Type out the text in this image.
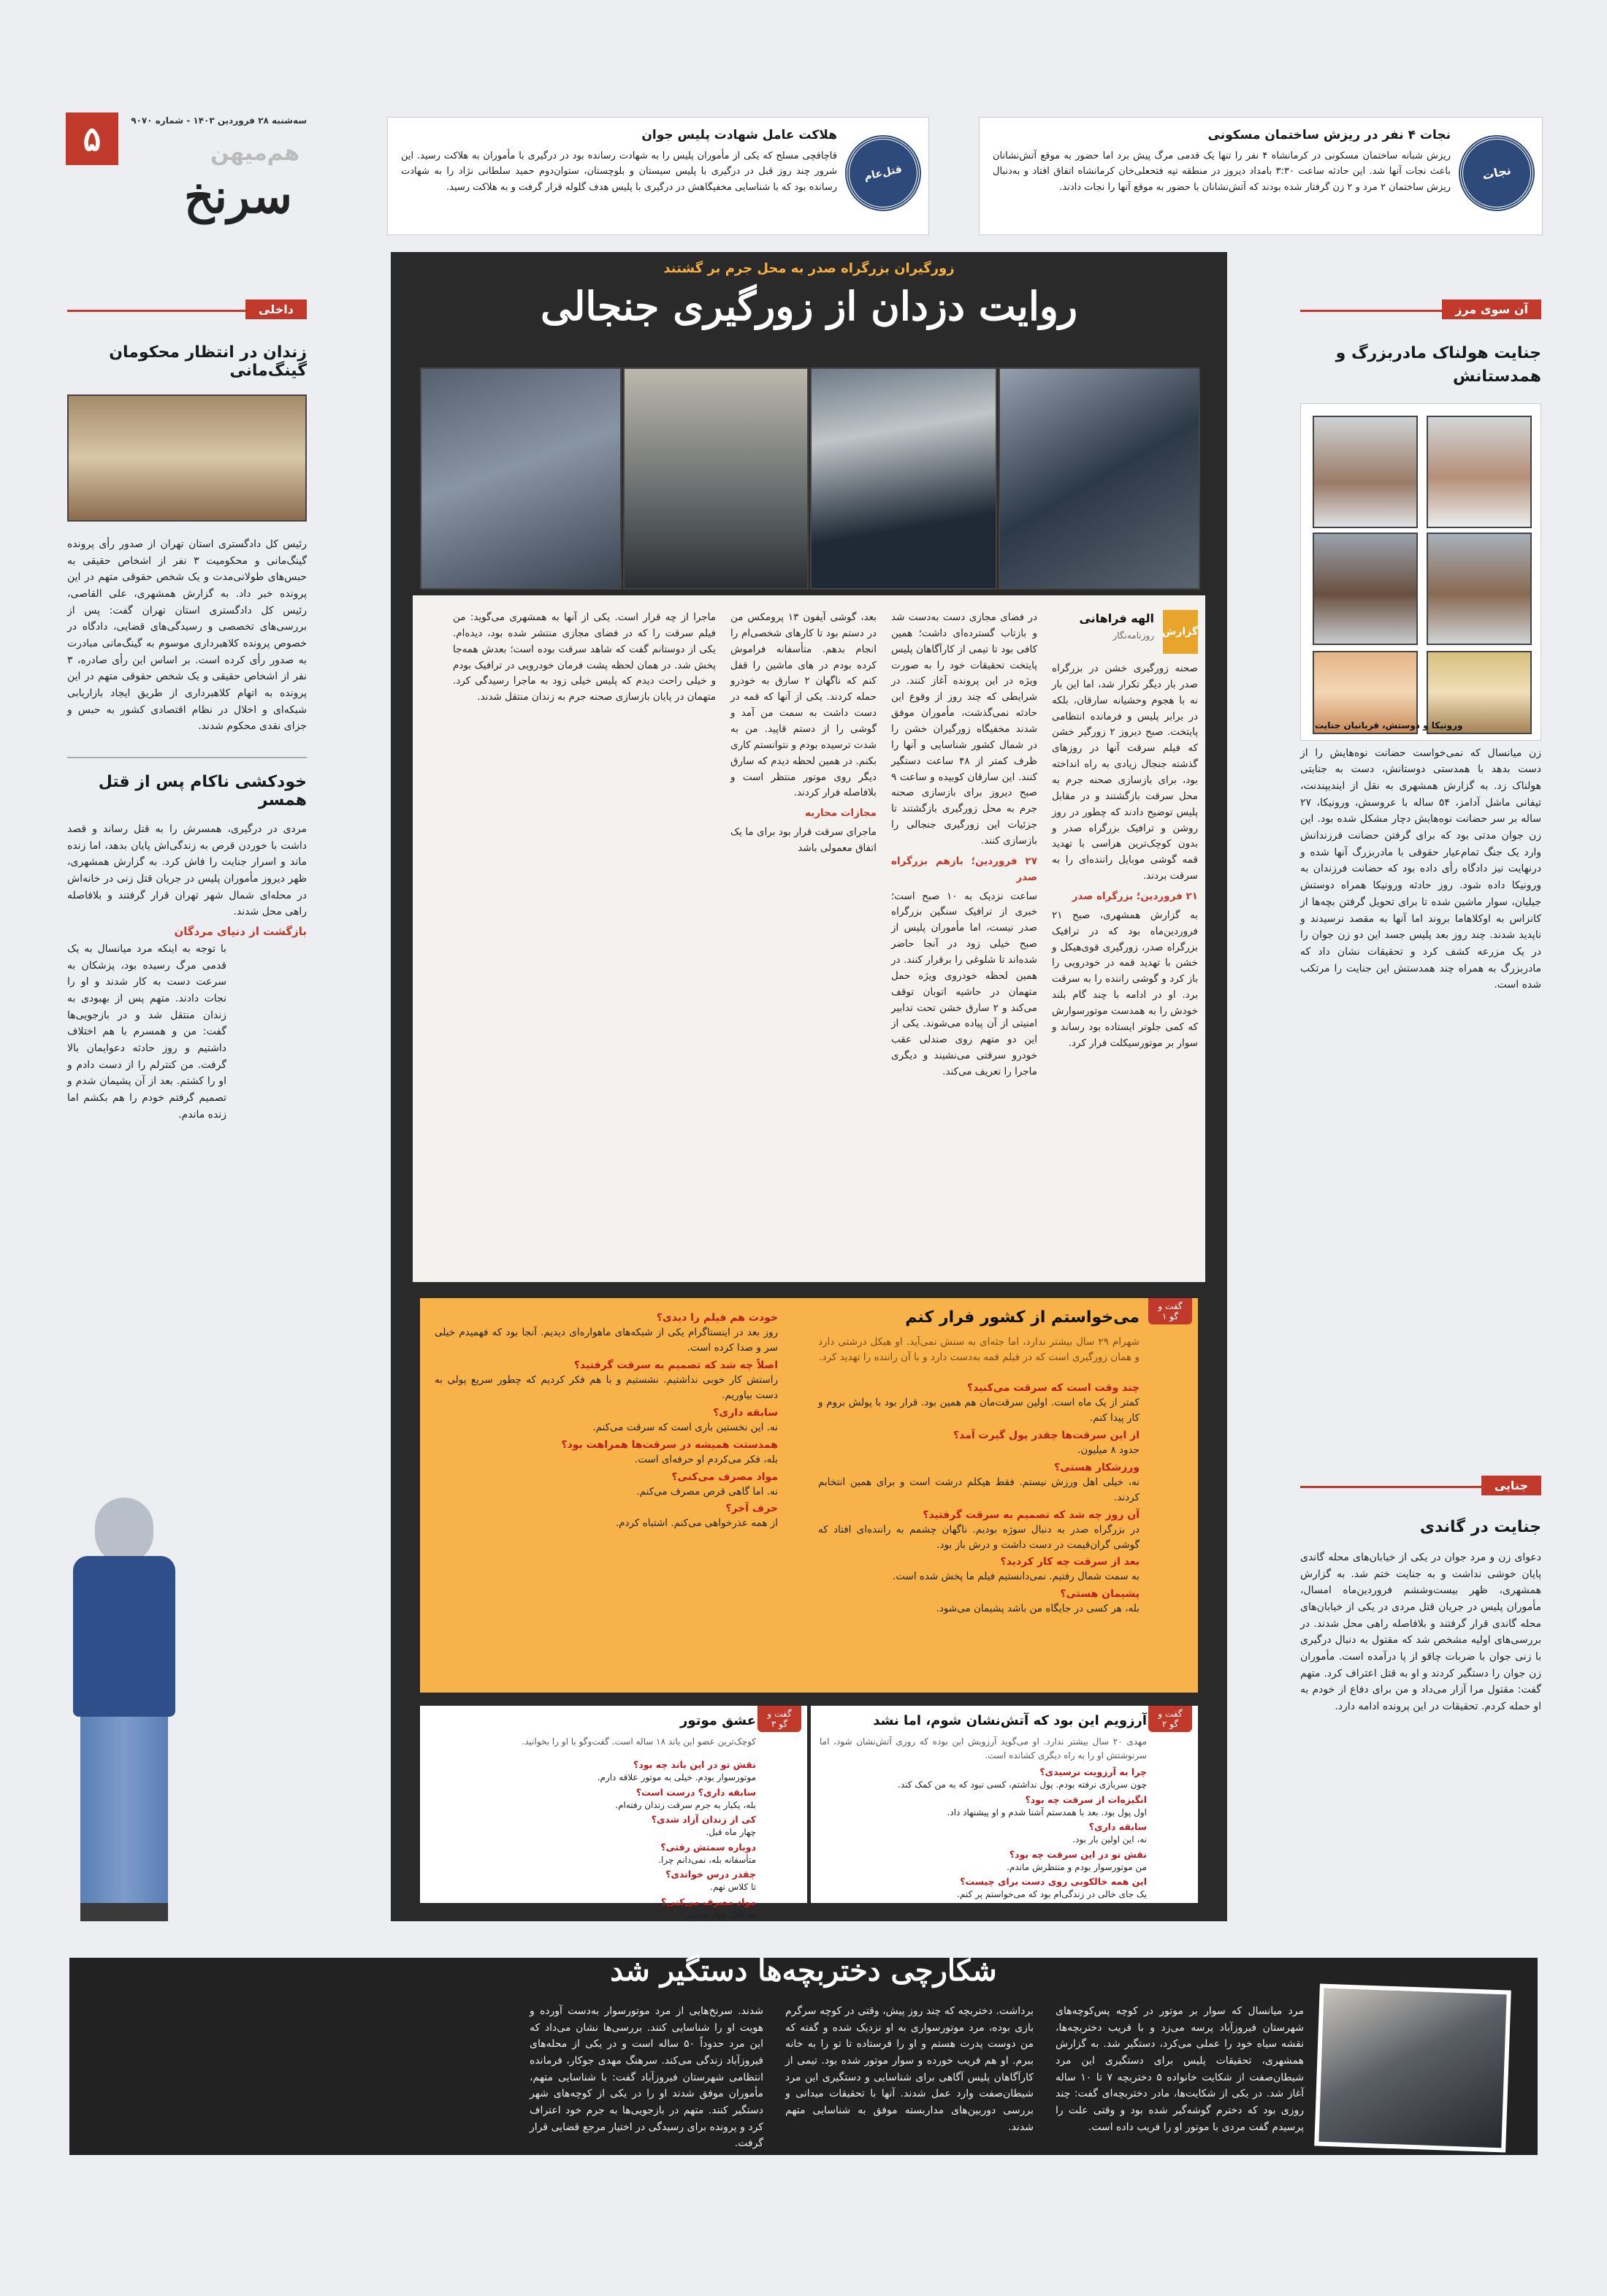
۵	سه‌شنبه ۲۸ فروردین ۱۴۰۳ - شماره ۹۰۷۰
هم‌میهن
سرنخ	قتل‌عام
هلاکت عامل شهادت پلیس جوان
قاچاقچی مسلح که یکی از مأموران پلیس را به شهادت رسانده بود در درگیری با مأموران به هلاکت رسید. این شرور چند روز قبل در درگیری با پلیس سیستان و بلوچستان، ستوان‌دوم حمید سلطانی نژاد را به شهادت رسانده بود که با شناسایی مخفیگاهش در درگیری با پلیس هدف گلوله قرار گرفت و به هلاکت رسید.
نجات
نجات ۴ نفر در ریزش ساختمان مسکونی
ریزش شبانه ساختمان مسکونی در کرمانشاه ۴ نفر را تنها یک قدمی مرگ پیش برد اما حضور به موقع آتش‌نشانان باعث نجات آنها شد. این حادثه ساعت ۳:۳۰ بامداد دیروز در منطقه تپه فتحعلی‌خان کرمانشاه اتفاق افتاد و به‌دنبال ریزش ساختمان ۲ مرد و ۲ زن گرفتار شده بودند که آتش‌نشانان با حضور به موقع آنها را نجات دادند.
داخلی
زندان در انتظار محکومان گینگ‌مانی
رئیس کل دادگستری استان تهران از صدور رأی پرونده گینگ‌مانی و محکومیت ۳ نفر از اشخاص حقیقی به حبس‌های طولانی‌مدت و یک شخص حقوقی متهم در این پرونده خبر داد. به گزارش همشهری، علی القاصی، رئیس کل دادگستری استان تهران گفت: پس از بررسی‌های تخصصی و رسیدگی‌های قضایی، دادگاه در خصوص پرونده کلاهبرداری موسوم به گینگ‌مانی مبادرت به صدور رأی کرده است. بر اساس این رأی صادره، ۳ نفر از اشخاص حقیقی و یک شخص حقوقی متهم در این پرونده به اتهام کلاهبرداری از طریق ایجاد بازاریابی شبکه‌ای و اخلال در نظام اقتصادی کشور به حبس و جزای نقدی محکوم شدند.
خودکشی ناکام پس از قتل همسر
مردی در درگیری، همسرش را به قتل رساند و قصد داشت با خوردن قرص به زندگی‌اش پایان بدهد، اما زنده ماند و اسرار جنایت را فاش کرد. به گزارش همشهری، ظهر دیروز مأموران پلیس در جریان قتل زنی در خانه‌اش در محله‌ای شمال شهر تهران قرار گرفتند و بلافاصله راهی محل شدند.
بازگشت از دنیای مردگان
با توجه به اینکه مرد میانسال به یک قدمی مرگ رسیده بود، پزشکان به سرعت دست به کار شدند و او را نجات دادند. متهم پس از بهبودی به زندان منتقل شد و در بازجویی‌ها گفت: من و همسرم با هم اختلاف داشتیم و روز حادثه دعوایمان بالا گرفت. من کنترلم را از دست دادم و او را کشتم. بعد از آن پشیمان شدم و تصمیم گرفتم خودم را هم بکشم اما زنده ماندم.
زورگیران بزرگراه صدر به محل جرم بر گشتند
روایت دزدان از زورگیری جنجالی
گزارش
الهه فراهانی
روزنامه‌نگار
صحنه زورگیری خشن در بزرگراه صدر بار دیگر تکرار شد، اما این بار نه با هجوم وحشیانه سارقان، بلکه در برابر پلیس و فرمانده انتظامی پایتخت. صبح دیروز ۲ زورگیر خشن که فیلم سرقت آنها در روزهای گذشته جنجال زیادی به راه انداخته بود، برای بازسازی صحنه جرم به محل سرقت بازگشتند و در مقابل پلیس توضیح دادند که چطور در روز روشن و ترافیک بزرگراه صدر و بدون کوچک‌ترین هراسی با تهدید قمه گوشی موبایل راننده‌ای را به سرقت بردند.
۲۱ فروردین؛ بزرگراه صدر
به گزارش همشهری، صبح ۲۱ فروردین‌ماه بود که در ترافیک بزرگراه صدر، زورگیری قوی‌هیکل و خشن با تهدید قمه در خودرویی را باز کرد و گوشی راننده را به سرقت برد. او در ادامه با چند گام بلند خودش را به همدست موتورسوارش که کمی جلوتر ایستاده بود رساند و سوار بر موتورسیکلت فرار کرد.
در فضای مجازی دست به‌دست شد و بازتاب گسترده‌ای داشت؛ همین کافی بود تا تیمی از کارآگاهان پلیس پایتخت تحقیقات خود را به صورت ویژه در این پرونده آغاز کنند. در شرایطی که چند روز از وقوع این حادثه نمی‌گذشت، مأموران موفق شدند مخفیگاه زورگیران خشن را در شمال کشور شناسایی و آنها را ظرف کمتر از ۴۸ ساعت دستگیر کنند. این سارقان کوبیده و ساعت ۹ صبح دیروز برای بازسازی صحنه جرم به محل زورگیری بازگشتند تا جزئیات این زورگیری جنجالی را بازسازی کنند.
۲۷ فروردین؛ بازهم بزرگراه صدر
ساعت نزدیک به ۱۰ صبح است؛ خبری از ترافیک سنگین بزرگراه صدر نیست، اما مأموران پلیس از صبح خیلی زود در آنجا حاضر شده‌اند تا شلوغی را برقرار کنند. در همین لحظه خودروی ویژه حمل متهمان در حاشیه اتوبان توقف می‌کند و ۲ سارق خشن تحت تدابیر امنیتی از آن پیاده می‌شوند. یکی از این دو متهم روی صندلی عقب خودرو سرقتی می‌نشیند و دیگری ماجرا را تعریف می‌کند.
بعد، گوشی آیفون ۱۳ پرومکس من در دستم بود تا کارهای شخصی‌ام را انجام بدهم. متأسفانه فراموش کرده بودم در های ماشین را قفل کنم که ناگهان ۲ سارق به خودرو حمله کردند. یکی از آنها که قمه در دست داشت به سمت من آمد و گوشی را از دستم قاپید. من به شدت ترسیده بودم و نتوانستم کاری بکنم. در همین لحظه دیدم که سارق دیگر روی موتور منتظر است و بلافاصله فرار کردند.
مجازات محاربه
ماجرای سرقت قرار بود برای ما یک اتفاق معمولی باشد
ماجرا از چه قرار است. یکی از آنها به همشهری می‌گوید: من فیلم سرقت را که در فضای مجازی منتشر شده بود، دیده‌ام. یکی از دوستانم گفت که شاهد سرقت بوده است؛ بعدش همه‌جا پخش شد. در همان لحظه پشت فرمان خودرویی در ترافیک بودم و خیلی راحت دیدم که پلیس خیلی زود به ماجرا رسیدگی کرد. متهمان در پایان بازسازی صحنه جرم به زندان منتقل شدند.
گفت و گو ۱
می‌خواستم از کشور فرار کنم
شهرام ۲۹ سال بیشتر ندارد، اما جثه‌ای به سنش نمی‌آید. او هیکل درشتی دارد و همان زورگیری است که در فیلم قمه به‌دست دارد و با آن راننده را تهدید کرد.
چند وقت است که سرقت می‌کنید؟
کمتر از یک ماه است. اولین سرقت‌مان هم همین بود. قرار بود با پولش بروم و کار پیدا کنم.
از این سرقت‌ها چقدر پول گیرت آمد؟
حدود ۸ میلیون.
ورزشکار هستی؟
نه، خیلی اهل ورزش نیستم. فقط هیکلم درشت است و برای همین انتخابم کردند.
آن روز چه شد که تصمیم به سرقت گرفتید؟
در بزرگراه صدر به دنبال سوژه بودیم. ناگهان چشمم به راننده‌ای افتاد که گوشی گران‌قیمت در دست داشت و درش باز بود.
بعد از سرقت چه کار کردید؟
به سمت شمال رفتیم. نمی‌دانستیم فیلم ما پخش شده است.
پشیمان هستی؟
بله، هر کسی در جایگاه من باشد پشیمان می‌شود.
خودت هم فیلم را دیدی؟
روز بعد در اینستاگرام یکی از شبکه‌های ماهواره‌ای دیدیم. آنجا بود که فهمیدم خیلی سر و صدا کرده است.
اصلاً چه شد که تصمیم به سرقت گرفتید؟
راستش کار خوبی نداشتیم. نشستیم و با هم فکر کردیم که چطور سریع پولی به دست بیاوریم.
سابقه داری؟
نه. این نخستین باری است که سرقت می‌کنم.
همدستت همیشه در سرقت‌ها همراهت بود؟
بله، فکر می‌کردم او حرفه‌ای است.
مواد مصرف می‌کنی؟
نه. اما گاهی قرص مصرف می‌کنم.
حرف آخر؟
از همه عذرخواهی می‌کنم. اشتباه کردم.
گفت و گو ۲
آرزویم این بود که آتش‌نشان شوم، اما نشد
مهدی ۲۰ سال بیشتر ندارد. او می‌گوید آرزویش این بوده که روزی آتش‌نشان شود، اما سرنوشتش او را به راه دیگری کشانده است.
چرا به آرزویت نرسیدی؟
چون سربازی نرفته بودم. پول نداشتم، کسی نبود که به من کمک کند.
انگیزه‌ات از سرقت چه بود؟
اول پول بود. بعد با همدستم آشنا شدم و او پیشنهاد داد.
سابقه داری؟
نه، این اولین بار بود.
نقش تو در این سرقت چه بود؟
من موتورسوار بودم و منتظرش ماندم.
این همه خالکوبی روی دست برای چیست؟
یک جای خالی در زندگی‌ام بود که می‌خواستم پر کنم.
گفت و گو ۳
عشق موتور
کوچک‌ترین عضو این باند ۱۸ ساله است. گفت‌وگو با او را بخوانید.
نقش تو در این باند چه بود؟
موتورسوار بودم. خیلی به موتور علاقه دارم.
سابقه داری؟ درست است؟
بله، یکبار به جرم سرقت زندان رفته‌ام.
کی از زندان آزاد شدی؟
چهار ماه قبل.
دوباره سمتش رفتی؟
متأسفانه بله، نمی‌دانم چرا.
چقدر درس خواندی؟
تا کلاس نهم.
مواد مصرف می‌کنی؟
نه، اهل مواد نیستم.
آن سوی مرز
جنایت هولناک مادربزرگ و همدستانش
ورونیکا و دوستش، قربانیان جنایت
زن میانسال که نمی‌خواست حضانت نوه‌هایش را از دست بدهد با همدستی دوستانش، دست به جنایتی هولناک زد. به گزارش همشهری به نقل از ایندیپندنت، تیفانی ماشل آدامز، ۵۴ ساله با عروسش، ورونیکا، ۲۷ ساله بر سر حضانت نوه‌هایش دچار مشکل شده بود. این زن جوان مدتی بود که برای گرفتن حضانت فرزندانش وارد یک جنگ تمام‌عیار حقوقی با مادربزرگ آنها شده و درنهایت نیز دادگاه رأی داده بود که حضانت فرزندان به ورونیکا داده شود. روز حادثه ورونیکا همراه دوستش جیلیان، سوار ماشین شده تا برای تحویل گرفتن بچه‌ها از کانزاس به اوکلاهاما بروند اما آنها به مقصد نرسیدند و ناپدید شدند. چند روز بعد پلیس جسد این دو زن جوان را در یک مزرعه کشف کرد و تحقیقات نشان داد که مادربزرگ به همراه چند همدستش این جنایت را مرتکب شده است.
جنایی
جنایت در گاندی
دعوای زن و مرد جوان در یکی از خیابان‌های محله گاندی پایان خوشی نداشت و به جنایت ختم شد. به گزارش همشهری، ظهر بیست‌وششم فروردین‌ماه امسال، مأموران پلیس در جریان قتل مردی در یکی از خیابان‌های محله گاندی قرار گرفتند و بلافاصله راهی محل شدند. در بررسی‌های اولیه مشخص شد که مقتول به دنبال درگیری با زنی جوان با ضربات چاقو از پا درآمده است. مأموران زن جوان را دستگیر کردند و او به قتل اعتراف کرد. متهم گفت: مقتول مرا آزار می‌داد و من برای دفاع از خودم به او حمله کردم. تحقیقات در این پرونده ادامه دارد.
شکارچی دختربچه‌ها دستگیر شد
مرد میانسال که سوار بر موتور در کوچه پس‌کوچه‌های شهرستان فیروزآباد پرسه می‌زد و با فریب دختربچه‌ها، نقشه سیاه خود را عملی می‌کرد، دستگیر شد. به گزارش همشهری، تحقیقات پلیس برای دستگیری این مرد شیطان‌صفت از شکایت خانواده ۵ دختربچه ۷ تا ۱۰ ساله آغاز شد. در یکی از شکایت‌ها، مادر دختربچه‌ای گفت: چند روزی بود که دخترم گوشه‌گیر شده بود و وقتی علت را پرسیدم گفت مردی با موتور او را فریب داده است.
برداشت. دختربچه که چند روز پیش، وقتی در کوچه سرگرم بازی بوده، مرد موتورسواری به او نزدیک شده و گفته که من دوست پدرت هستم و او را فرستاده تا تو را به خانه ببرم. او هم فریب خورده و سوار موتور شده بود. تیمی از کارآگاهان پلیس آگاهی برای شناسایی و دستگیری این مرد شیطان‌صفت وارد عمل شدند. آنها با تحقیقات میدانی و بررسی دوربین‌های مداربسته موفق به شناسایی متهم شدند.
شدند. سرنخ‌هایی از مرد موتورسوار به‌دست آورده و هویت او را شناسایی کنند. بررسی‌ها نشان می‌داد که این مرد حدوداً ۵۰ ساله است و در یکی از محله‌های فیروزآباد زندگی می‌کند. سرهنگ مهدی جوکار، فرمانده انتظامی شهرستان فیروزآباد گفت: با شناسایی متهم، مأموران موفق شدند او را در یکی از کوچه‌های شهر دستگیر کنند. متهم در بازجویی‌ها به جرم خود اعتراف کرد و پرونده برای رسیدگی در اختیار مرجع قضایی قرار گرفت.
